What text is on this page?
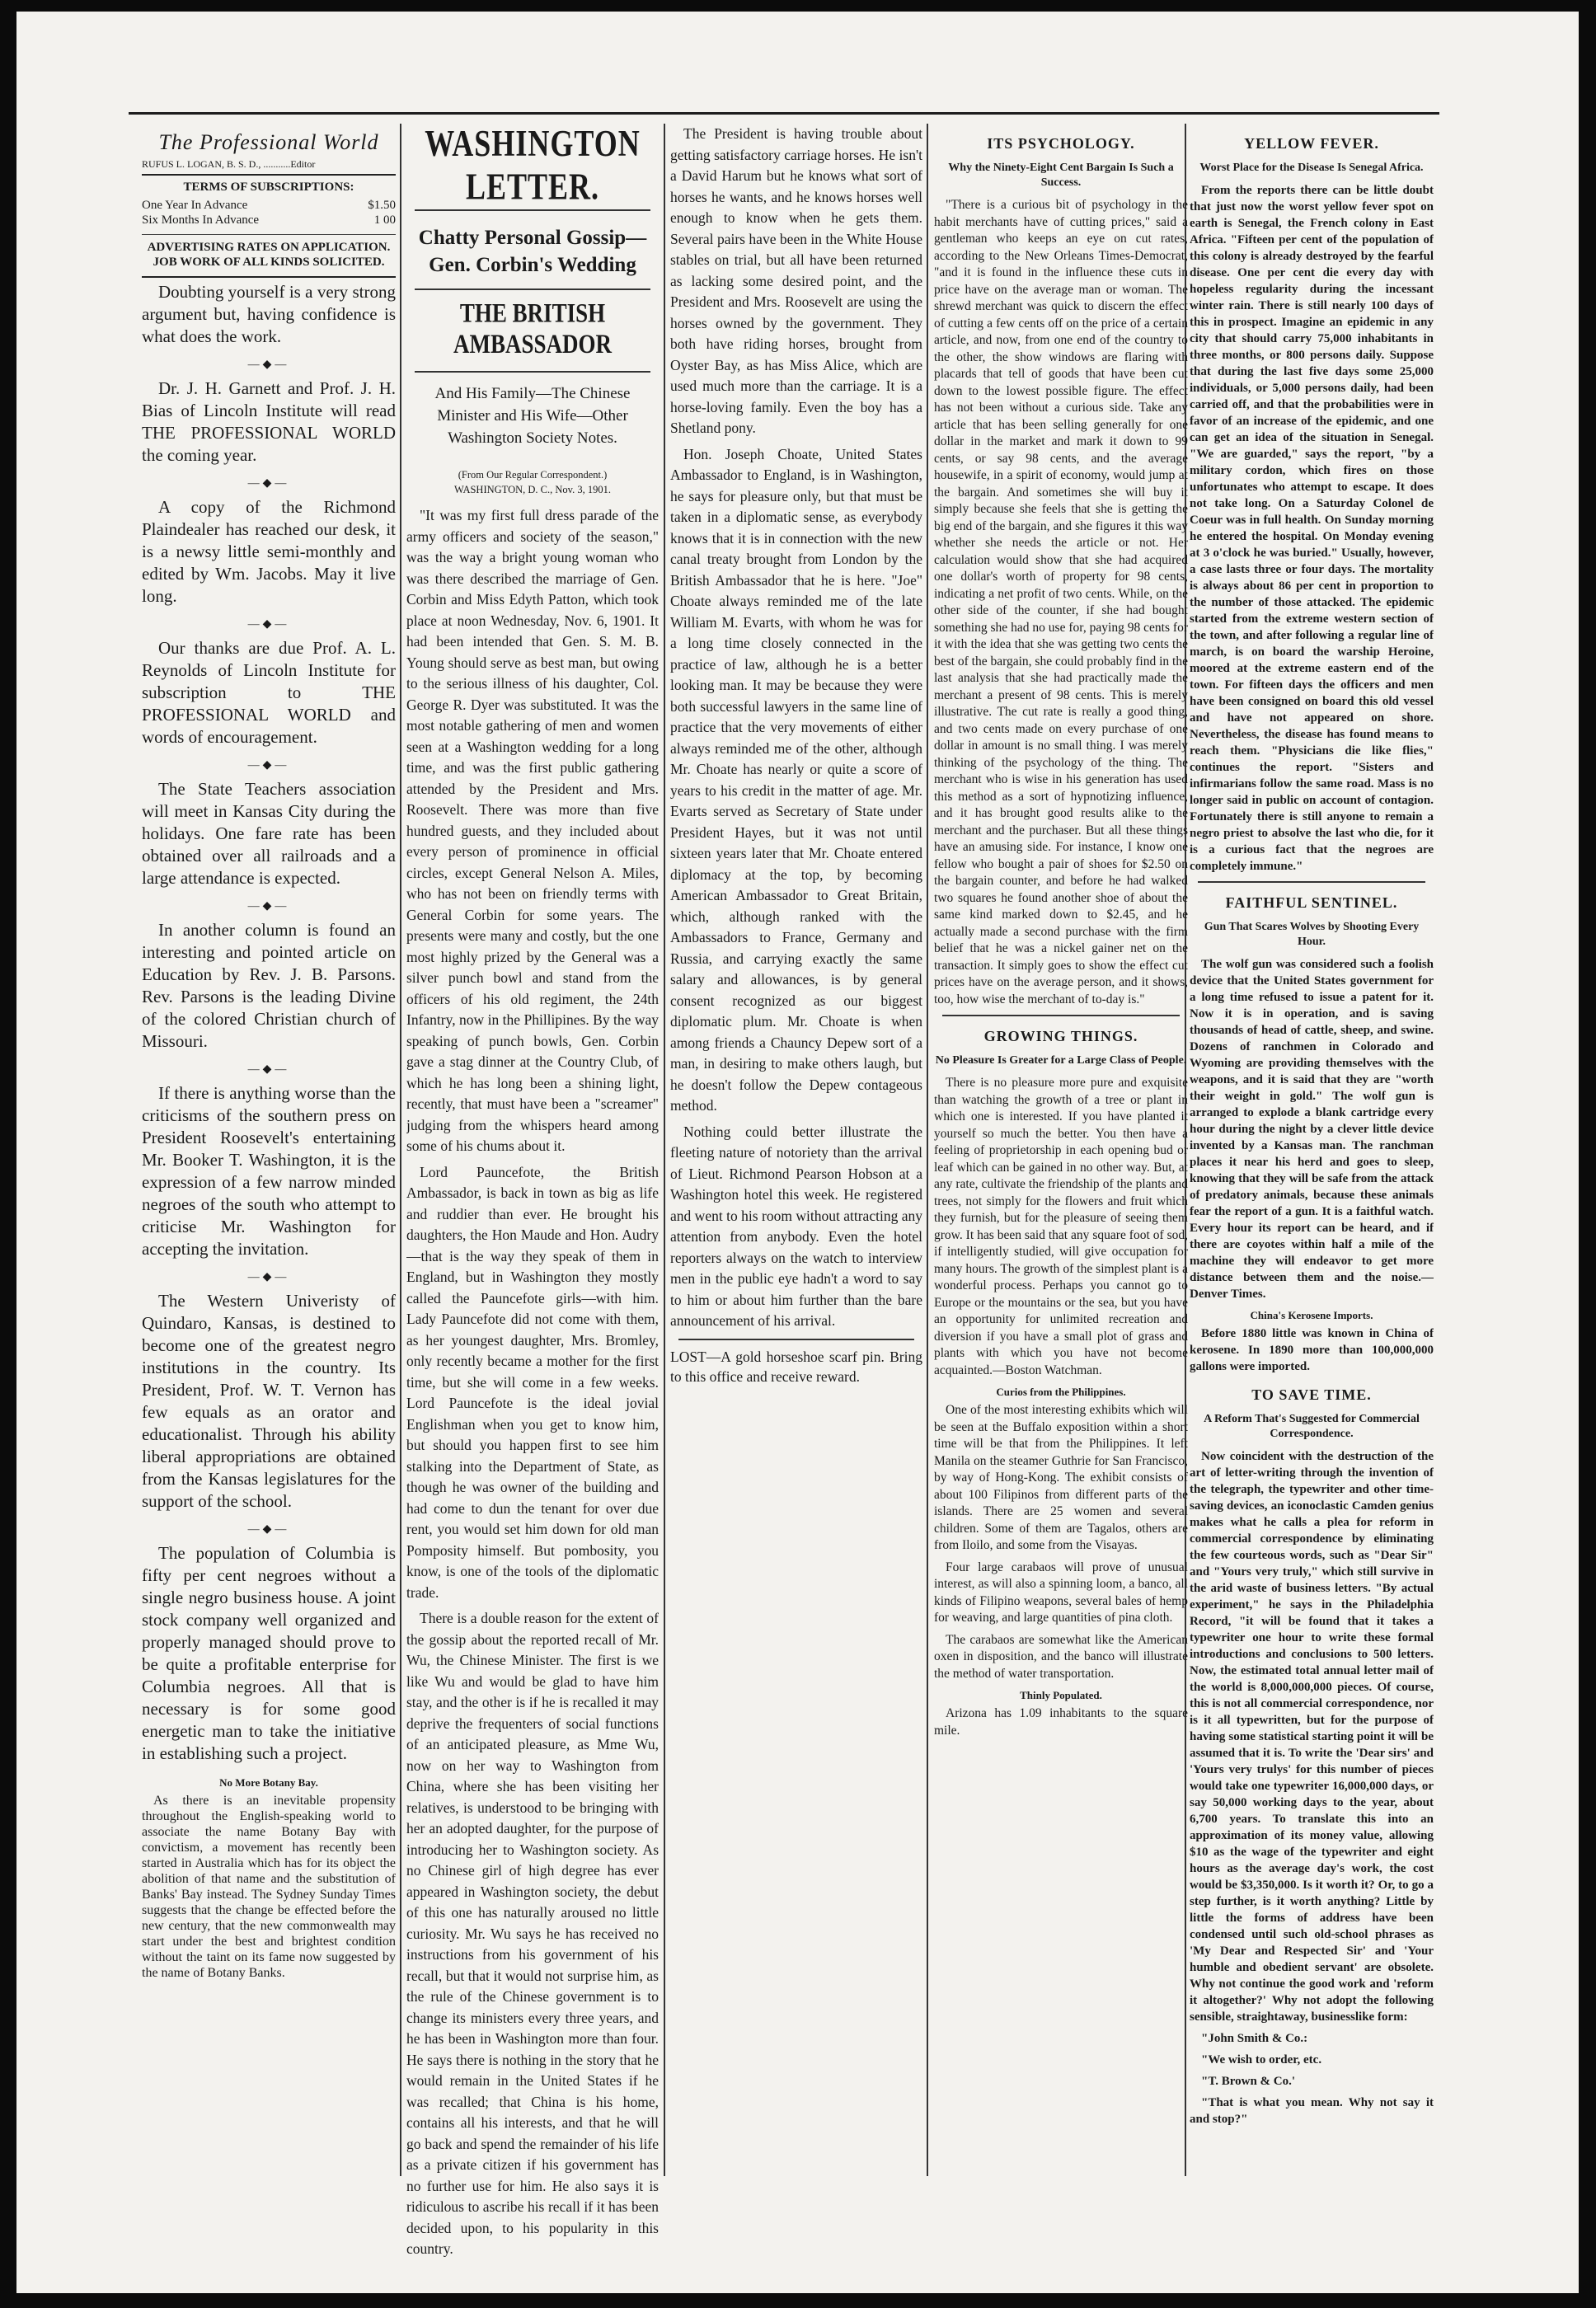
The Professional World
RUFUS L. LOGAN, B. S. D., ...........Editor
TERMS OF SUBSCRIPTIONS:
One Year In Advance	$1.50
Six Months In Advance	1 00
ADVERTISING RATES ON APPLICATION. JOB WORK OF ALL KINDS SOLICITED.

Doubting yourself is a very strong argument but, having confidence is what does the work.

—◆—

Dr. J. H. Garnett and Prof. J. H. Bias of Lincoln Institute will read THE PROFESSIONAL WORLD the coming year.

—◆—

A copy of the Richmond Plaindealer has reached our desk, it is a newsy little semi-monthly and edited by Wm. Jacobs. May it live long.

—◆—

Our thanks are due Prof. A. L. Reynolds of Lincoln Institute for subscription to THE PROFESSIONAL WORLD and words of encouragement.

—◆—

The State Teachers association will meet in Kansas City during the holidays. One fare rate has been obtained over all railroads and a large attendance is expected.

—◆—

In another column is found an interesting and pointed article on Education by Rev. J. B. Parsons. Rev. Parsons is the leading Divine of the colored Christian church of Missouri.

—◆—

If there is anything worse than the criticisms of the southern press on President Roosevelt's entertaining Mr. Booker T. Washington, it is the expression of a few narrow minded negroes of the south who attempt to criticise Mr. Washington for accepting the invitation.

—◆—

The Western Univeristy of Quindaro, Kansas, is destined to become one of the greatest negro institutions in the country. Its President, Prof. W. T. Vernon has few equals as an orator and educationalist. Through his ability liberal appropriations are obtained from the Kansas legislatures for the support of the school.

—◆—

The population of Columbia is fifty per cent negroes without a single negro business house. A joint stock company well organized and properly managed should prove to be quite a profitable enterprise for Columbia negroes. All that is necessary is for some good energetic man to take the initiative in establishing such a project.

No More Botany Bay.

As there is an inevitable propensity throughout the English-speaking world to associate the name Botany Bay with convictism, a movement has recently been started in Australia which has for its object the abolition of that name and the substitution of Banks' Bay instead. The Sydney Sunday Times suggests that the change be effected before the new century, that the new commonwealth may start under the best and brightest condition without the taint on its fame now suggested by the name of Botany Banks.

WASHINGTON LETTER.
Chatty Personal Gossip—Gen. Corbin's Wedding
THE BRITISH AMBASSADOR
And His Family—The Chinese Minister and His Wife—Other Washington Society Notes.
(From Our Regular Correspondent.)
WASHINGTON, D. C., Nov. 3, 1901.

"It was my first full dress parade of the army officers and society of the season," was the way a bright young woman who was there described the marriage of Gen. Corbin and Miss Edyth Patton, which took place at noon Wednesday, Nov. 6, 1901. It had been intended that Gen. S. M. B. Young should serve as best man, but owing to the serious illness of his daughter, Col. George R. Dyer was substituted. It was the most notable gathering of men and women seen at a Washington wedding for a long time, and was the first public gathering attended by the President and Mrs. Roosevelt. There was more than five hundred guests, and they included about every person of prominence in official circles, except General Nelson A. Miles, who has not been on friendly terms with General Corbin for some years. The presents were many and costly, but the one most highly prized by the General was a silver punch bowl and stand from the officers of his old regiment, the 24th Infantry, now in the Phillipines. By the way speaking of punch bowls, Gen. Corbin gave a stag dinner at the Country Club, of which he has long been a shining light, recently, that must have been a "screamer" judging from the whispers heard among some of his chums about it.

Lord Pauncefote, the British Ambassador, is back in town as big as life and ruddier than ever. He brought his daughters, the Hon Maude and Hon. Audry—that is the way they speak of them in England, but in Washington they mostly called the Pauncefote girls—with him. Lady Pauncefote did not come with them, as her youngest daughter, Mrs. Bromley, only recently became a mother for the first time, but she will come in a few weeks. Lord Pauncefote is the ideal jovial Englishman when you get to know him, but should you happen first to see him stalking into the Department of State, as though he was owner of the building and had come to dun the tenant for over due rent, you would set him down for old man Pomposity himself. But pombosity, you know, is one of the tools of the diplomatic trade.

There is a double reason for the extent of the gossip about the reported recall of Mr. Wu, the Chinese Minister. The first is we like Wu and would be glad to have him stay, and the other is if he is recalled it may deprive the frequenters of social functions of an anticipated pleasure, as Mme Wu, now on her way to Washington from China, where she has been visiting her relatives, is understood to be bringing with her an adopted daughter, for the purpose of introducing her to Washington society. As no Chinese girl of high degree has ever appeared in Washington society, the debut of this one has naturally aroused no little curiosity. Mr. Wu says he has received no instructions from his government of his recall, but that it would not surprise him, as the rule of the Chinese government is to change its ministers every three years, and he has been in Washington more than four. He says there is nothing in the story that he would remain in the United States if he was recalled; that China is his home, contains all his interests, and that he will go back and spend the remainder of his life as a private citizen if his government has no further use for him. He also says it is ridiculous to ascribe his recall if it has been decided upon, to his popularity in this country.

The President is having trouble about getting satisfactory carriage horses. He isn't a David Harum but he knows what sort of horses he wants, and he knows horses well enough to know when he gets them. Several pairs have been in the White House stables on trial, but all have been returned as lacking some desired point, and the President and Mrs. Roosevelt are using the horses owned by the government. They both have riding horses, brought from Oyster Bay, as has Miss Alice, which are used much more than the carriage. It is a horse-loving family. Even the boy has a Shetland pony.

Hon. Joseph Choate, United States Ambassador to England, is in Washington, he says for pleasure only, but that must be taken in a diplomatic sense, as everybody knows that it is in connection with the new canal treaty brought from London by the British Ambassador that he is here. "Joe" Choate always reminded me of the late William M. Evarts, with whom he was for a long time closely connected in the practice of law, although he is a better looking man. It may be because they were both successful lawyers in the same line of practice that the very movements of either always reminded me of the other, although Mr. Choate has nearly or quite a score of years to his credit in the matter of age. Mr. Evarts served as Secretary of State under President Hayes, but it was not until sixteen years later that Mr. Choate entered diplomacy at the top, by becoming American Ambassador to Great Britain, which, although ranked with the Ambassadors to France, Germany and Russia, and carrying exactly the same salary and allowances, is by general consent recognized as our biggest diplomatic plum. Mr. Choate is when among friends a Chauncy Depew sort of a man, in desiring to make others laugh, but he doesn't follow the Depew contageous method.

Nothing could better illustrate the fleeting nature of notoriety than the arrival of Lieut. Richmond Pearson Hobson at a Washington hotel this week. He registered and went to his room without attracting any attention from anybody. Even the hotel reporters always on the watch to interview men in the public eye hadn't a word to say to him or about him further than the bare announcement of his arrival.

LOST—A gold horseshoe scarf pin. Bring to this office and receive reward.
ITS PSYCHOLOGY.
Why the Ninety-Eight Cent Bargain Is Such a Success.

"There is a curious bit of psychology in the habit merchants have of cutting prices," said a gentleman who keeps an eye on cut rates, according to the New Orleans Times-Democrat, "and it is found in the influence these cuts in price have on the average man or woman. The shrewd merchant was quick to discern the effect of cutting a few cents off on the price of a certain article, and now, from one end of the country to the other, the show windows are flaring with placards that tell of goods that have been cut down to the lowest possible figure. The effect has not been without a curious side. Take any article that has been selling generally for one dollar in the market and mark it down to 99 cents, or say 98 cents, and the average housewife, in a spirit of economy, would jump at the bargain. And sometimes she will buy it simply because she feels that she is getting the big end of the bargain, and she figures it this way whether she needs the article or not. Her calculation would show that she had acquired one dollar's worth of property for 98 cents, indicating a net profit of two cents. While, on the other side of the counter, if she had bought something she had no use for, paying 98 cents for it with the idea that she was getting two cents the best of the bargain, she could probably find in the last analysis that she had practically made the merchant a present of 98 cents. This is merely illustrative. The cut rate is really a good thing, and two cents made on every purchase of one dollar in amount is no small thing. I was merely thinking of the psychology of the thing. The merchant who is wise in his generation has used this method as a sort of hypnotizing influence, and it has brought good results alike to the merchant and the purchaser. But all these things have an amusing side. For instance, I know one fellow who bought a pair of shoes for $2.50 on the bargain counter, and before he had walked two squares he found another shoe of about the same kind marked down to $2.45, and he actually made a second purchase with the firm belief that he was a nickel gainer net on the transaction. It simply goes to show the effect cut prices have on the average person, and it shows, too, how wise the merchant of to-day is."

GROWING THINGS.
No Pleasure Is Greater for a Large Class of People.

There is no pleasure more pure and exquisite than watching the growth of a tree or plant in which one is interested. If you have planted it yourself so much the better. You then have a feeling of proprietorship in each opening bud or leaf which can be gained in no other way. But, at any rate, cultivate the friendship of the plants and trees, not simply for the flowers and fruit which they furnish, but for the pleasure of seeing them grow. It has been said that any square foot of sod, if intelligently studied, will give occupation for many hours. The growth of the simplest plant is a wonderful process. Perhaps you cannot go to Europe or the mountains or the sea, but you have an opportunity for unlimited recreation and diversion if you have a small plot of grass and plants with which you have not become acquainted.—Boston Watchman.

Curios from the Philippines.

One of the most interesting exhibits which will be seen at the Buffalo exposition within a short time will be that from the Philippines. It left Manila on the steamer Guthrie for San Francisco, by way of Hong-Kong. The exhibit consists of about 100 Filipinos from different parts of the islands. There are 25 women and several children. Some of them are Tagalos, others are from Iloilo, and some from the Visayas.

Four large carabaos will prove of unusual interest, as will also a spinning loom, a banco, all kinds of Filipino weapons, several bales of hemp for weaving, and large quantities of pina cloth.

The carabaos are somewhat like the American oxen in disposition, and the banco will illustrate the method of water transportation.

Thinly Populated.

Arizona has 1.09 inhabitants to the square mile.

YELLOW FEVER.
Worst Place for the Disease Is Senegal Africa.

From the reports there can be little doubt that just now the worst yellow fever spot on earth is Senegal, the French colony in East Africa. "Fifteen per cent of the population of this colony is already destroyed by the fearful disease. One per cent die every day with hopeless regularity during the incessant winter rain. There is still nearly 100 days of this in prospect. Imagine an epidemic in any city that should carry 75,000 inhabitants in three months, or 800 persons daily. Suppose that during the last five days some 25,000 individuals, or 5,000 persons daily, had been carried off, and that the probabilities were in favor of an increase of the epidemic, and one can get an idea of the situation in Senegal. "We are guarded," says the report, "by a military cordon, which fires on those unfortunates who attempt to escape. It does not take long. On a Saturday Colonel de Coeur was in full health. On Sunday morning he entered the hospital. On Monday evening at 3 o'clock he was buried." Usually, however, a case lasts three or four days. The mortality is always about 86 per cent in proportion to the number of those attacked. The epidemic started from the extreme western section of the town, and after following a regular line of march, is on board the warship Heroine, moored at the extreme eastern end of the town. For fifteen days the officers and men have been consigned on board this old vessel and have not appeared on shore. Nevertheless, the disease has found means to reach them. "Physicians die like flies," continues the report. "Sisters and infirmarians follow the same road. Mass is no longer said in public on account of contagion. Fortunately there is still anyone to remain a negro priest to absolve the last who die, for it is a curious fact that the negroes are completely immune."

FAITHFUL SENTINEL.
Gun That Scares Wolves by Shooting Every Hour.

The wolf gun was considered such a foolish device that the United States government for a long time refused to issue a patent for it. Now it is in operation, and is saving thousands of head of cattle, sheep, and swine. Dozens of ranchmen in Colorado and Wyoming are providing themselves with the weapons, and it is said that they are "worth their weight in gold." The wolf gun is arranged to explode a blank cartridge every hour during the night by a clever little device invented by a Kansas man. The ranchman places it near his herd and goes to sleep, knowing that they will be safe from the attack of predatory animals, because these animals fear the report of a gun. It is a faithful watch. Every hour its report can be heard, and if there are coyotes within half a mile of the machine they will endeavor to get more distance between them and the noise.—Denver Times.

China's Kerosene Imports.

Before 1880 little was known in China of kerosene. In 1890 more than 100,000,000 gallons were imported.

TO SAVE TIME.
A Reform That's Suggested for Commercial Correspondence.

Now coincident with the destruction of the art of letter-writing through the invention of the telegraph, the typewriter and other time-saving devices, an iconoclastic Camden genius makes what he calls a plea for reform in commercial correspondence by eliminating the few courteous words, such as "Dear Sir" and "Yours very truly," which still survive in the arid waste of business letters. "By actual experiment," he says in the Philadelphia Record, "it will be found that it takes a typewriter one hour to write these formal introductions and conclusions to 500 letters. Now, the estimated total annual letter mail of the world is 8,000,000,000 pieces. Of course, this is not all commercial correspondence, nor is it all typewritten, but for the purpose of having some statistical starting point it will be assumed that it is. To write the 'Dear sirs' and 'Yours very trulys' for this number of pieces would take one typewriter 16,000,000 days, or say 50,000 working days to the year, about 6,700 years. To translate this into an approximation of its money value, allowing $10 as the wage of the typewriter and eight hours as the average day's work, the cost would be $3,350,000. Is it worth it? Or, to go a step further, is it worth anything? Little by little the forms of address have been condensed until such old-school phrases as 'My Dear and Respected Sir' and 'Your humble and obedient servant' are obsolete. Why not continue the good work and 'reform it altogether?' Why not adopt the following sensible, straightaway, businesslike form:

"John Smith & Co.:

"We wish to order, etc.

"T. Brown & Co.'

"That is what you mean. Why not say it and stop?"
